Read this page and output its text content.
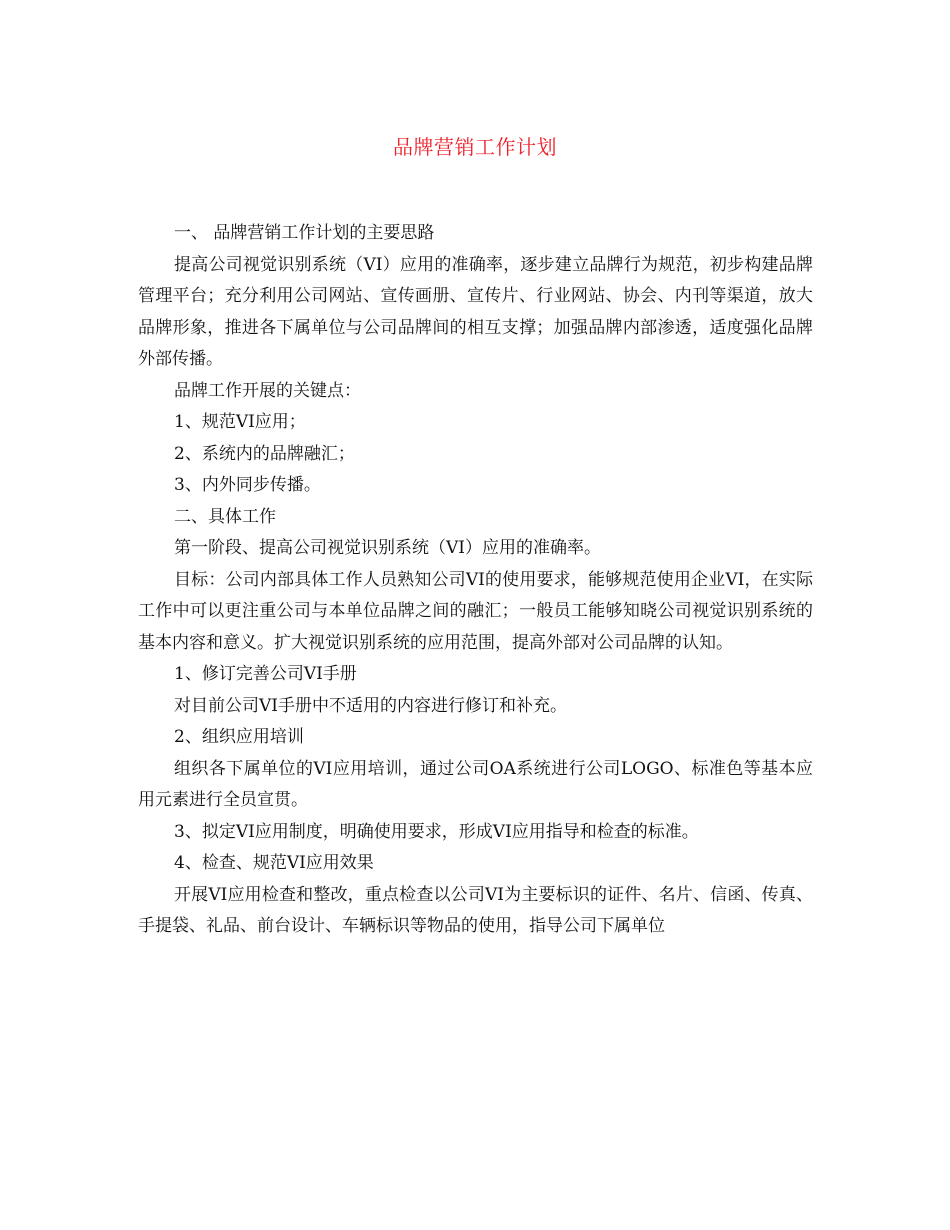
品牌营销工作计划

一、 品牌营销工作计划的主要思路

提高公司视觉识别系统（VI）应用的准确率，逐步建立品牌行为规范，初步构建品牌管理平台；充分利用公司网站、宣传画册、宣传片、行业网站、协会、内刊等渠道，放大品牌形象，推进各下属单位与公司品牌间的相互支撑；加强品牌内部渗透，适度强化品牌外部传播。

品牌工作开展的关键点：

1、规范VI应用；

2、系统内的品牌融汇；

3、内外同步传播。

二、具体工作

第一阶段、提高公司视觉识别系统（VI）应用的准确率。

目标：公司内部具体工作人员熟知公司VI的使用要求，能够规范使用企业VI，在实际工作中可以更注重公司与本单位品牌之间的融汇；一般员工能够知晓公司视觉识别系统的基本内容和意义。扩大视觉识别系统的应用范围，提高外部对公司品牌的认知。

1、修订完善公司VI手册

对目前公司VI手册中不适用的内容进行修订和补充。

2、组织应用培训

组织各下属单位的VI应用培训，通过公司OA系统进行公司LOGO、标准色等基本应用元素进行全员宣贯。

3、拟定VI应用制度，明确使用要求，形成VI应用指导和检查的标准。

4、检查、规范VI应用效果

开展VI应用检查和整改，重点检查以公司VI为主要标识的证件、名片、信函、传真、手提袋、礼品、前台设计、车辆标识等物品的使用，指导公司下属单位
